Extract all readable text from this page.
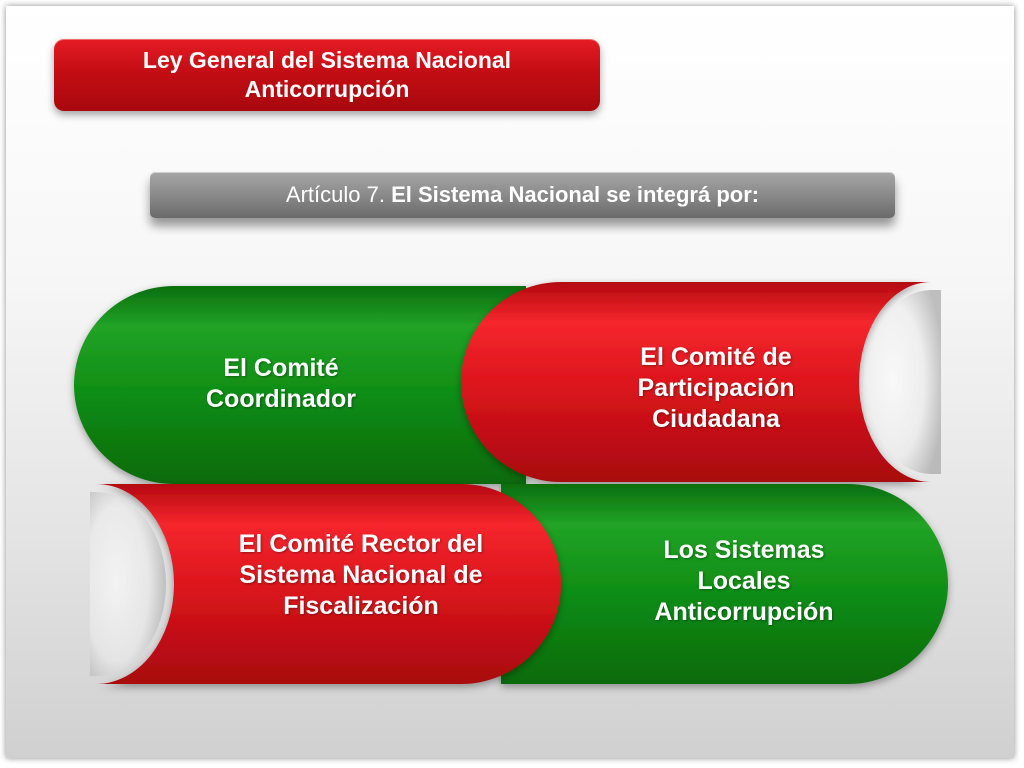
Ley General del Sistema Nacional Anticorrupción
Artículo 7.
El Sistema Nacional se integrá por:
El Comité Coordinador
El Comité de Participación Ciudadana
El Comité Rector del Sistema Nacional de Fiscalización
Los Sistemas Locales Anticorrupción
